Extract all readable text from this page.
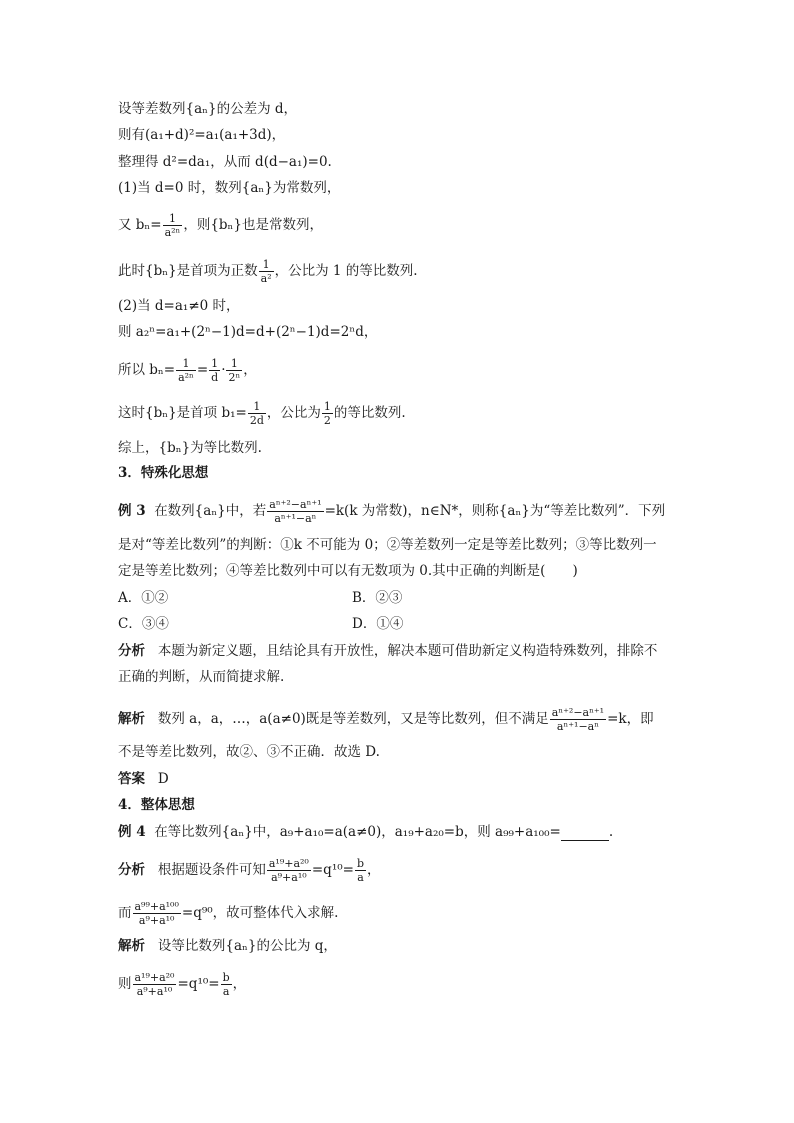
设等差数列{aₙ}的公差为 d，
则有(a₁+d)²=a₁(a₁+3d)，
整理得 d²=da₁，从而 d(d−a₁)=0.
(1)当 d=0 时，数列{aₙ}为常数列，
又 $b_n= \frac{1}{\text{a²ⁿ}}$ ，则{bₙ}也是常数列，
此时{bₙ}是首项为正数 $\frac{1}{\text{a²}}$ ，公比为 1 的等比数列.
(2)当 d=a₁≠0 时，
则 a₂ⁿ=a₁+(2ⁿ−1)d=d+(2ⁿ−1)d=2ⁿd，
所以 $b_n= \frac{1}{\text{a²ⁿ}} = \frac{1}{d} \cdot \frac{1}{\text{2ⁿ}}$ ，
这时{bₙ}是首项 $b_1= \frac{1}{2d}$ ，公比为 $\frac{1}{2}$ 的等比数列.
综上，{bₙ}为等比数列.
3．特殊化思想
例 3 在数列{aₙ}中，若 $\frac{\text{aⁿ⁺²−aⁿ⁺¹}}{\text{aⁿ⁺¹−aⁿ}} =k(k$ 为常数)，n∈N*，则称{aₙ}为“等差比数列”．下列
是对“等差比数列”的判断：①k 不可能为 0；②等差数列一定是等差比数列；③等比数列一
定是等差比数列；④等差比数列中可以有无数项为 0.其中正确的判断是(　　)
A．①②	B．②③
C．③④	D．①④
分析 本题为新定义题，且结论具有开放性，解决本题可借助新定义构造特殊数列，排除不
正确的判断，从而简捷求解.
解析 数列 a，a，…，a(a≠0)既是等差数列，又是等比数列，但不满足 $\frac{\text{aⁿ⁺²−aⁿ⁺¹}}{\text{aⁿ⁺¹−aⁿ}} =k$，即
不是等差比数列，故②、③不正确．故选 D.
答案 D
4．整体思想
例 4 在等比数列{aₙ}中，a₉+a₁₀=a(a≠0)，a₁₉+a₂₀=b，则 a₉₉+a₁₀₀=	.
分析 根据题设条件可知 $\frac{\text{a¹⁹+a²⁰}}{\text{a⁹+a¹⁰}} =q^{10}= \frac{b}{a}$ ，
而 $\frac{\text{a⁹⁹+a¹⁰⁰}}{\text{a⁹+a¹⁰}} =q^{90}$，故可整体代入求解.
解析 设等比数列{aₙ}的公比为 q，
则 $\frac{\text{a¹⁹+a²⁰}}{\text{a⁹+a¹⁰}} =q^{10}= \frac{b}{a}$ ，
